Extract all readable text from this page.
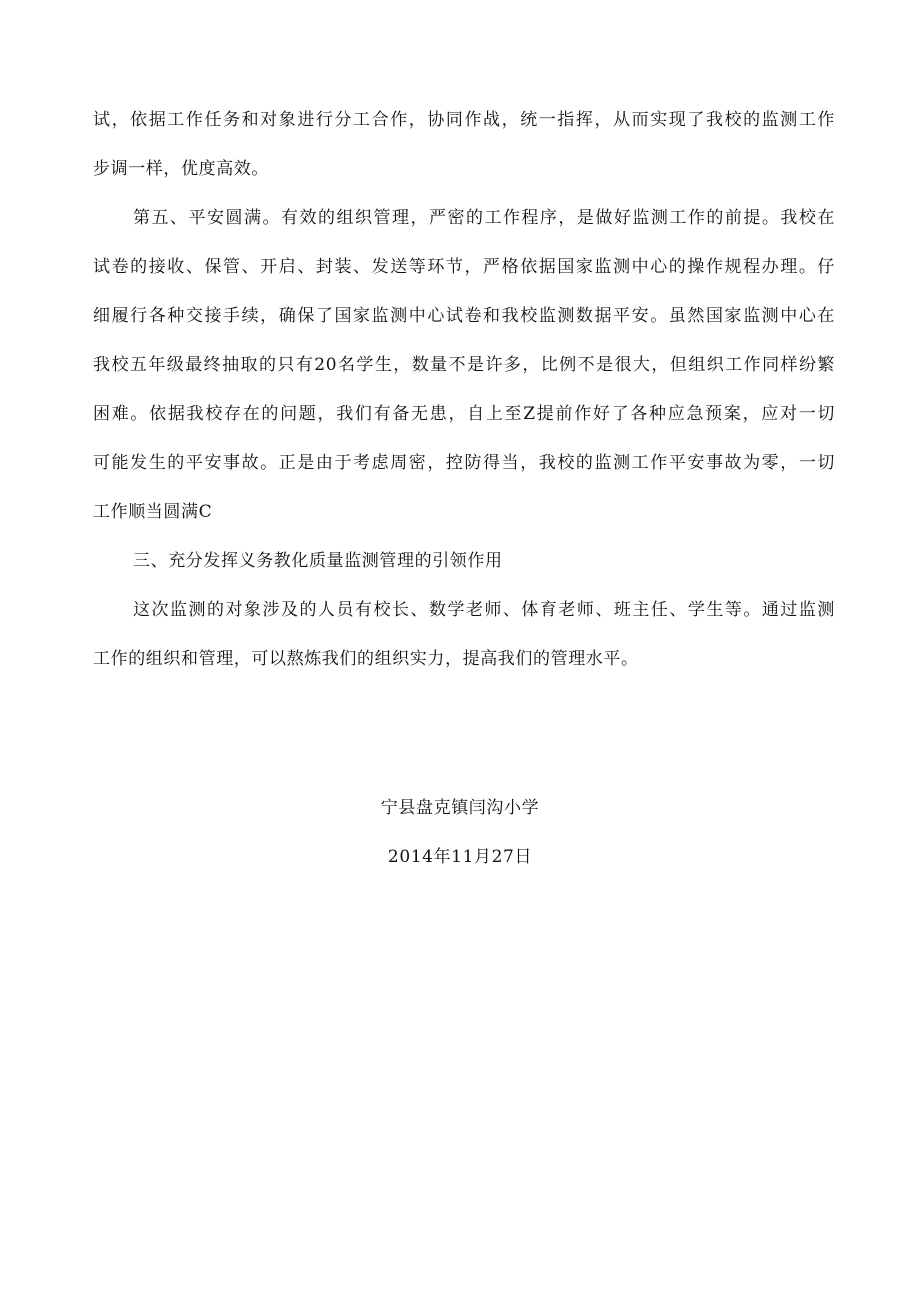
试，依据工作任务和对象进行分工合作，协同作战，统一指挥，从而实现了我校的监测工作
步调一样，优度高效。
第五、平安圆满。有效的组织管理，严密的工作程序，是做好监测工作的前提。我校在
试卷的接收、保管、开启、封装、发送等环节，严格依据国家监测中心的操作规程办理。仔
细履行各种交接手续，确保了国家监测中心试卷和我校监测数据平安。虽然国家监测中心在
我校五年级最终抽取的只有20名学生，数量不是许多，比例不是很大，但组织工作同样纷繁
困难。依据我校存在的问题，我们有备无患，自上至Z提前作好了各种应急预案，应对一切
可能发生的平安事故。正是由于考虑周密，控防得当，我校的监测工作平安事故为零，一切
工作顺当圆满C
三、充分发挥义务教化质量监测管理的引领作用
这次监测的对象涉及的人员有校长、数学老师、体育老师、班主任、学生等。通过监测
工作的组织和管理，可以熬炼我们的组织实力，提高我们的管理水平。
宁县盘克镇闫沟小学
2014年11月27日
